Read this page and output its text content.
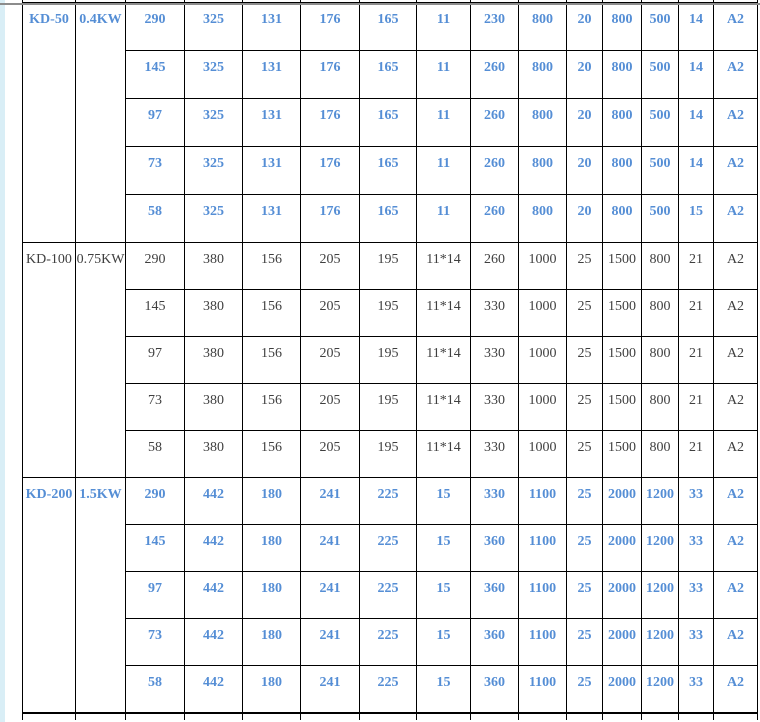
KD-50	0.4KW	290	325	131	176	165	11	230	800	20	800	500	14	A2
		145	325	131	176	165	11	260	800	20	800	500	14	A2
		97	325	131	176	165	11	260	800	20	800	500	14	A2
		73	325	131	176	165	11	260	800	20	800	500	14	A2
		58	325	131	176	165	11	260	800	20	800	500	15	A2
KD-100	0.75KW	290	380	156	205	195	11*14	260	1000	25	1500	800	21	A2
		145	380	156	205	195	11*14	330	1000	25	1500	800	21	A2
		97	380	156	205	195	11*14	330	1000	25	1500	800	21	A2
		73	380	156	205	195	11*14	330	1000	25	1500	800	21	A2
		58	380	156	205	195	11*14	330	1000	25	1500	800	21	A2
KD-200	1.5KW	290	442	180	241	225	15	330	1100	25	2000	1200	33	A2
		145	442	180	241	225	15	360	1100	25	2000	1200	33	A2
		97	442	180	241	225	15	360	1100	25	2000	1200	33	A2
		73	442	180	241	225	15	360	1100	25	2000	1200	33	A2
		58	442	180	241	225	15	360	1100	25	2000	1200	33	A2
